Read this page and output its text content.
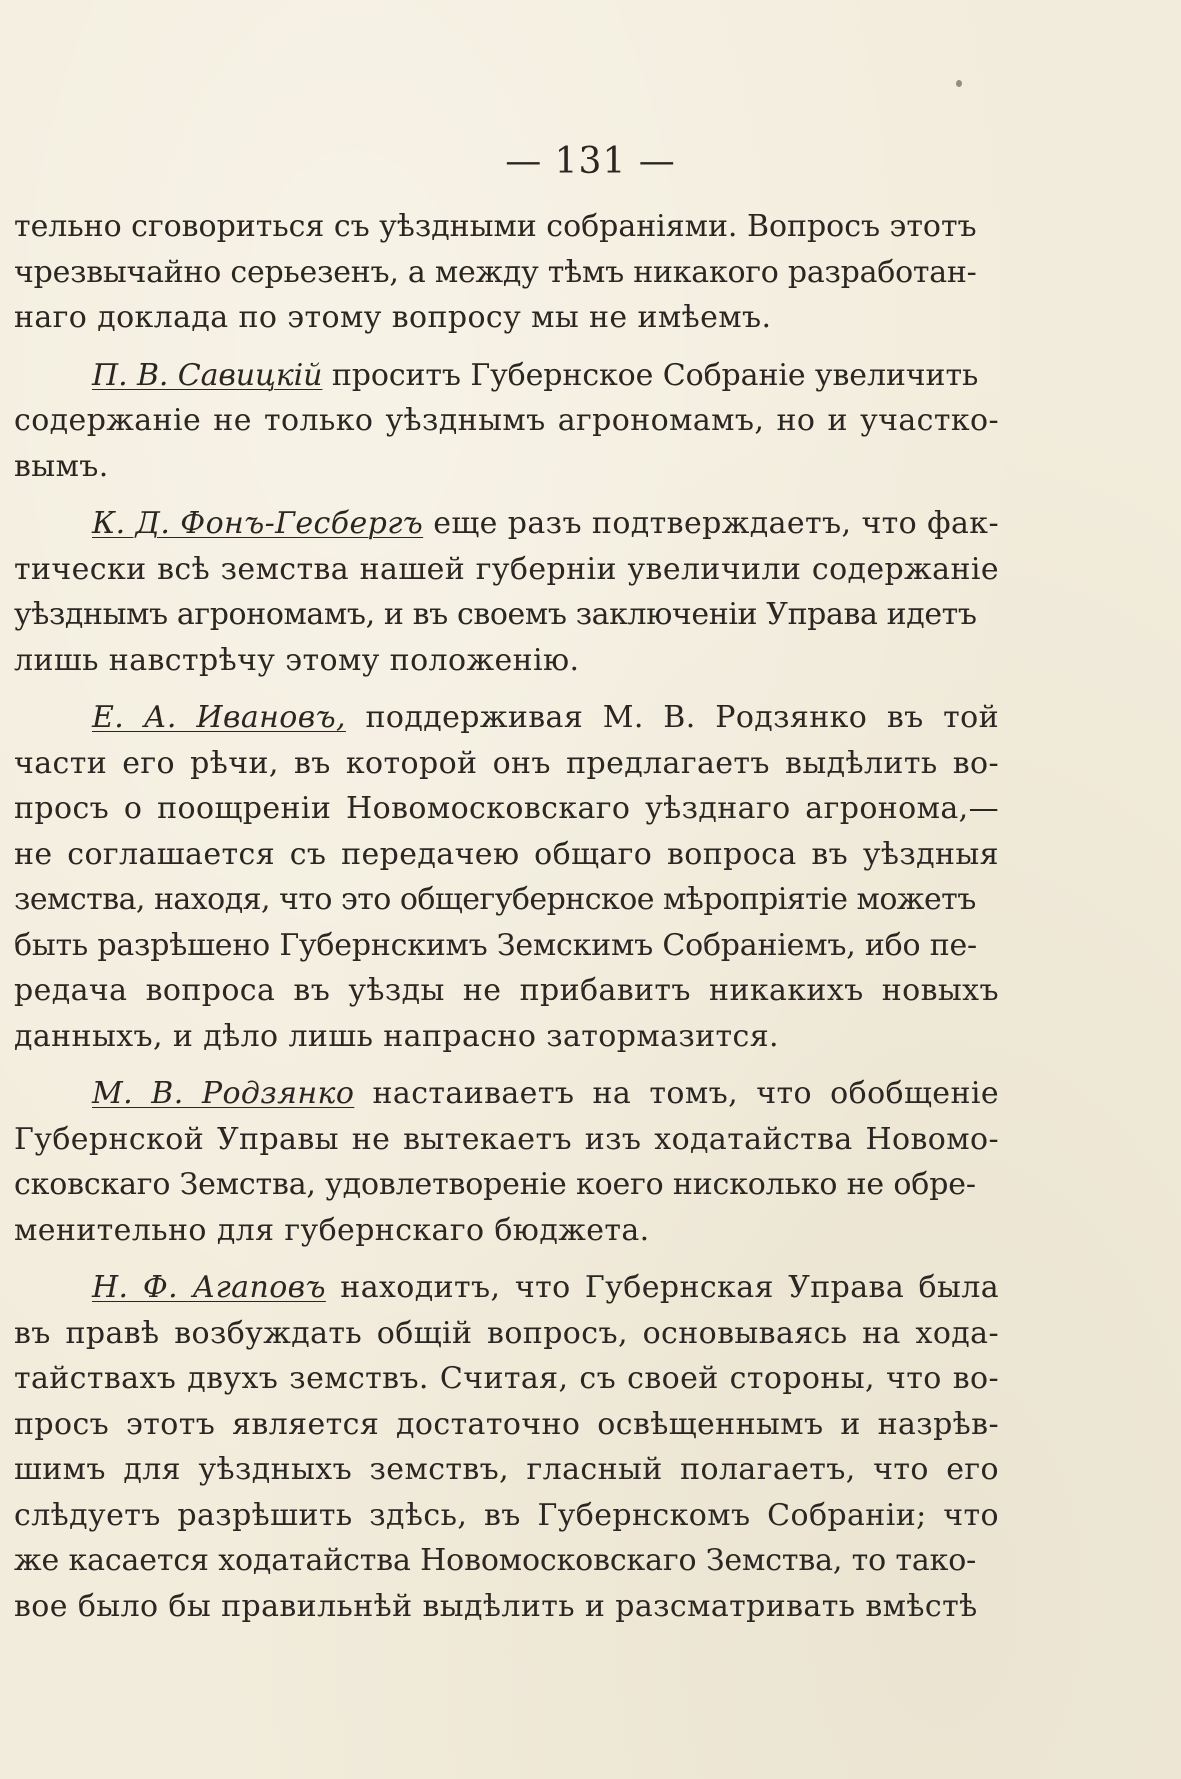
— 131 —
тельно сговориться съ уѣздными собраніями. Вопросъ этотъ
чрезвычайно серьезенъ, а между тѣмъ никакого разработан-
наго доклада по этому вопросу мы не имѣемъ.
П. В. Савицкій проситъ Губернское Собраніе увеличить
содержаніе не только уѣзднымъ агрономамъ, но и участко-
вымъ.
К. Д. Фонъ-Гесбергъ еще разъ подтверждаетъ, что фак-
тически всѣ земства нашей губерніи увеличили содержаніе
уѣзднымъ агрономамъ, и въ своемъ заключеніи Управа идетъ
лишь навстрѣчу этому положенію.
Е. А. Ивановъ, поддерживая М. В. Родзянко въ той
части его рѣчи, въ которой онъ предлагаетъ выдѣлить во-
просъ о поощреніи Новомосковскаго уѣзднаго агронома,—
не соглашается съ передачею общаго вопроса въ уѣздныя
земства, находя, что это общегубернское мѣропріятіе можетъ
быть разрѣшено Губернскимъ Земскимъ Собраніемъ, ибо пе-
редача вопроса въ уѣзды не прибавитъ никакихъ новыхъ
данныхъ, и дѣло лишь напрасно затормазится.
М. В. Родзянко настаиваетъ на томъ, что обобщеніе
Губернской Управы не вытекаетъ изъ ходатайства Новомо-
сковскаго Земства, удовлетвореніе коего нисколько не обре-
менительно для губернскаго бюджета.
Н. Ф. Агаповъ находитъ, что Губернская Управа была
въ правѣ возбуждать общій вопросъ, основываясь на хода-
тайствахъ двухъ земствъ. Считая, съ своей стороны, что во-
просъ этотъ является достаточно освѣщеннымъ и назрѣв-
шимъ для уѣздныхъ земствъ, гласный полагаетъ, что его
слѣдуетъ разрѣшить здѣсь, въ Губернскомъ Собраніи; что
же касается ходатайства Новомосковскаго Земства, то тако-
вое было бы правильнѣй выдѣлить и разсматривать вмѣстѣ
